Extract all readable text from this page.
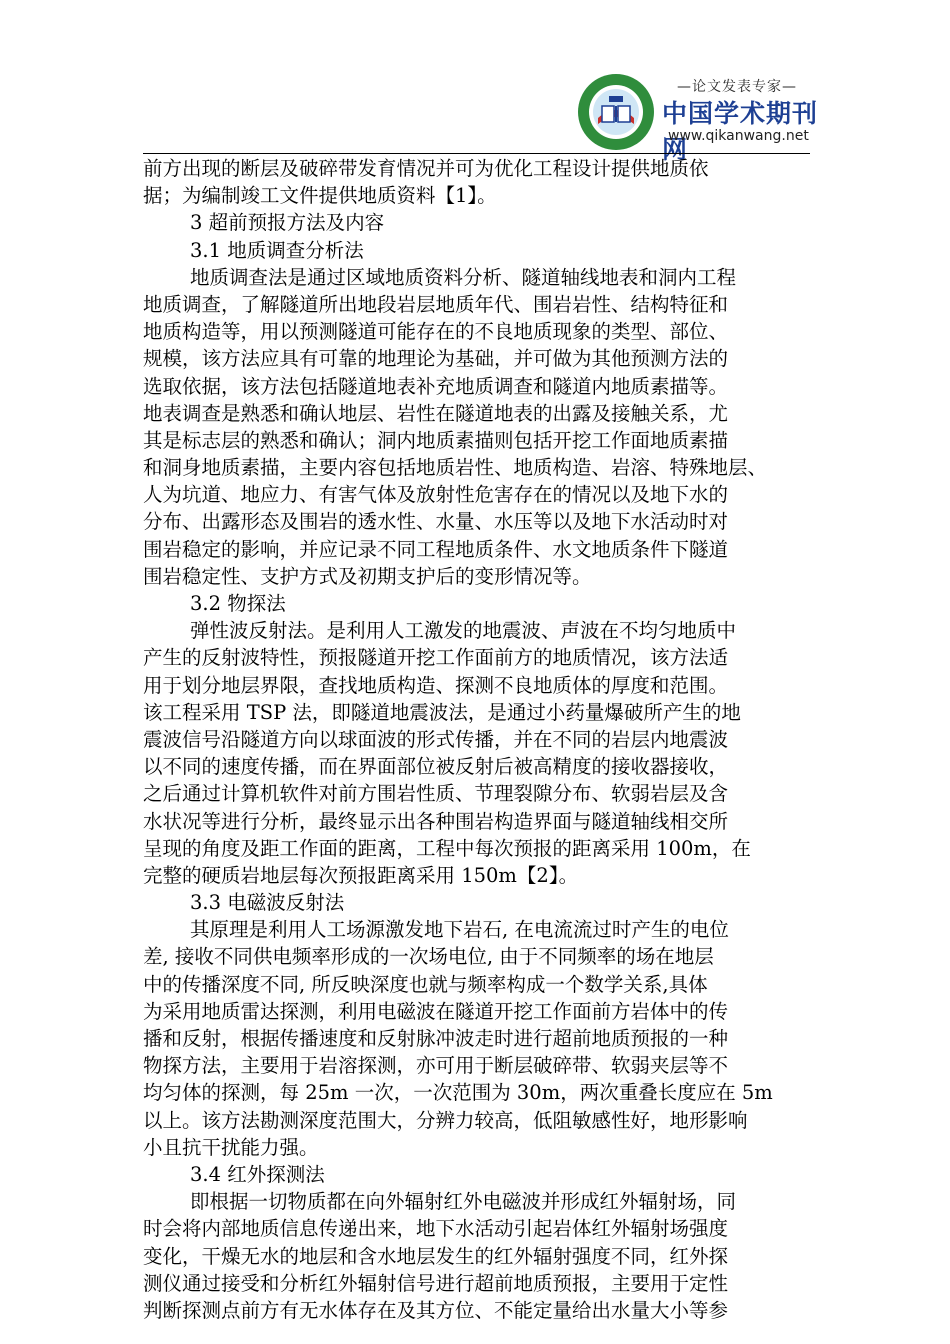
—论文发表专家—
中国学术期刊网
www.qikanwang.net
前方出现的断层及破碎带发育情况并可为优化工程设计提供地质依
据；为编制竣工文件提供地质资料【1】。
3 超前预报方法及内容
3.1 地质调查分析法
地质调查法是通过区域地质资料分析、隧道轴线地表和洞内工程
地质调查，了解隧道所出地段岩层地质年代、围岩岩性、结构特征和
地质构造等，用以预测隧道可能存在的不良地质现象的类型、部位、
规模，该方法应具有可靠的地理论为基础，并可做为其他预测方法的
选取依据，该方法包括隧道地表补充地质调查和隧道内地质素描等。
地表调查是熟悉和确认地层、岩性在隧道地表的出露及接触关系，尤
其是标志层的熟悉和确认；洞内地质素描则包括开挖工作面地质素描
和洞身地质素描，主要内容包括地质岩性、地质构造、岩溶、特殊地层、
人为坑道、地应力、有害气体及放射性危害存在的情况以及地下水的
分布、出露形态及围岩的透水性、水量、水压等以及地下水活动时对
围岩稳定的影响，并应记录不同工程地质条件、水文地质条件下隧道
围岩稳定性、支护方式及初期支护后的变形情况等。
3.2 物探法
弹性波反射法。是利用人工激发的地震波、声波在不均匀地质中
产生的反射波特性，预报隧道开挖工作面前方的地质情况，该方法适
用于划分地层界限，查找地质构造、探测不良地质体的厚度和范围。
该工程采用 TSP 法，即隧道地震波法，是通过小药量爆破所产生的地
震波信号沿隧道方向以球面波的形式传播，并在不同的岩层内地震波
以不同的速度传播，而在界面部位被反射后被高精度的接收器接收，
之后通过计算机软件对前方围岩性质、节理裂隙分布、软弱岩层及含
水状况等进行分析，最终显示出各种围岩构造界面与隧道轴线相交所
呈现的角度及距工作面的距离，工程中每次预报的距离采用 100m，在
完整的硬质岩地层每次预报距离采用 150m【2】。
3.3 电磁波反射法
其原理是利用人工场源激发地下岩石, 在电流流过时产生的电位
差, 接收不同供电频率形成的一次场电位, 由于不同频率的场在地层
中的传播深度不同, 所反映深度也就与频率构成一个数学关系,具体
为采用地质雷达探测，利用电磁波在隧道开挖工作面前方岩体中的传
播和反射，根据传播速度和反射脉冲波走时进行超前地质预报的一种
物探方法，主要用于岩溶探测，亦可用于断层破碎带、软弱夹层等不
均匀体的探测，每 25m 一次，一次范围为 30m，两次重叠长度应在 5m
以上。该方法勘测深度范围大，分辨力较高，低阻敏感性好，地形影响
小且抗干扰能力强。
3.4 红外探测法
即根据一切物质都在向外辐射红外电磁波并形成红外辐射场，同
时会将内部地质信息传递出来，地下水活动引起岩体红外辐射场强度
变化，干燥无水的地层和含水地层发生的红外辐射强度不同，红外探
测仪通过接受和分析红外辐射信号进行超前地质预报，主要用于定性
判断探测点前方有无水体存在及其方位、不能定量给出水量大小等参
